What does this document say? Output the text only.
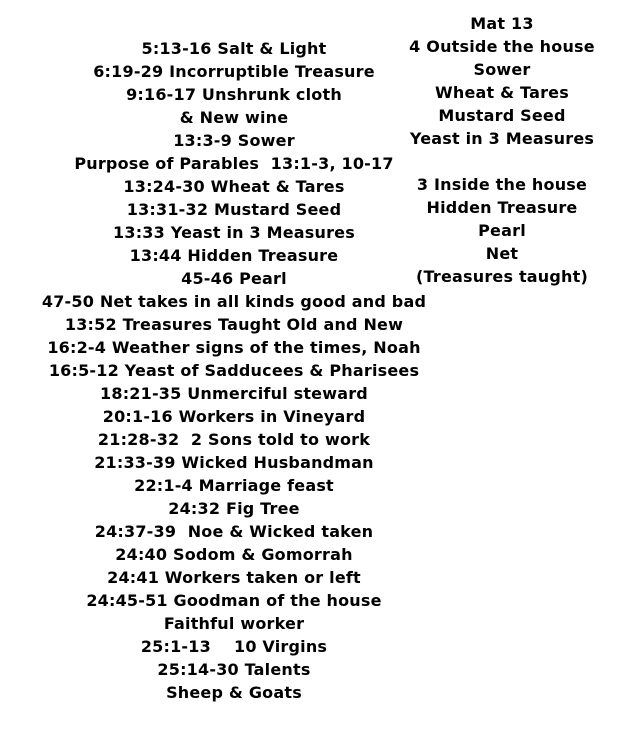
5:13-16 Salt & Light
6:19-29 Incorruptible Treasure
9:16-17 Unshrunk cloth
& New wine
13:3-9 Sower
Purpose of Parables  13:1-3, 10-17
13:24-30 Wheat & Tares
13:31-32 Mustard Seed
13:33 Yeast in 3 Measures
13:44 Hidden Treasure
45-46 Pearl
47-50 Net takes in all kinds good and bad
13:52 Treasures Taught Old and New
16:2-4 Weather signs of the times, Noah
16:5-12 Yeast of Sadducees & Pharisees
18:21-35 Unmerciful steward
20:1-16 Workers in Vineyard
21:28-32  2 Sons told to work
21:33-39 Wicked Husbandman
22:1-4 Marriage feast
24:32 Fig Tree
24:37-39  Noe & Wicked taken
24:40 Sodom & Gomorrah
24:41 Workers taken or left
24:45-51 Goodman of the house
Faithful worker
25:1-13    10 Virgins
25:14-30 Talents
Sheep & Goats
Mat 13
4 Outside the house
Sower
Wheat & Tares
Mustard Seed
Yeast in 3 Measures
3 Inside the house
Hidden Treasure
Pearl
Net
(Treasures taught)
